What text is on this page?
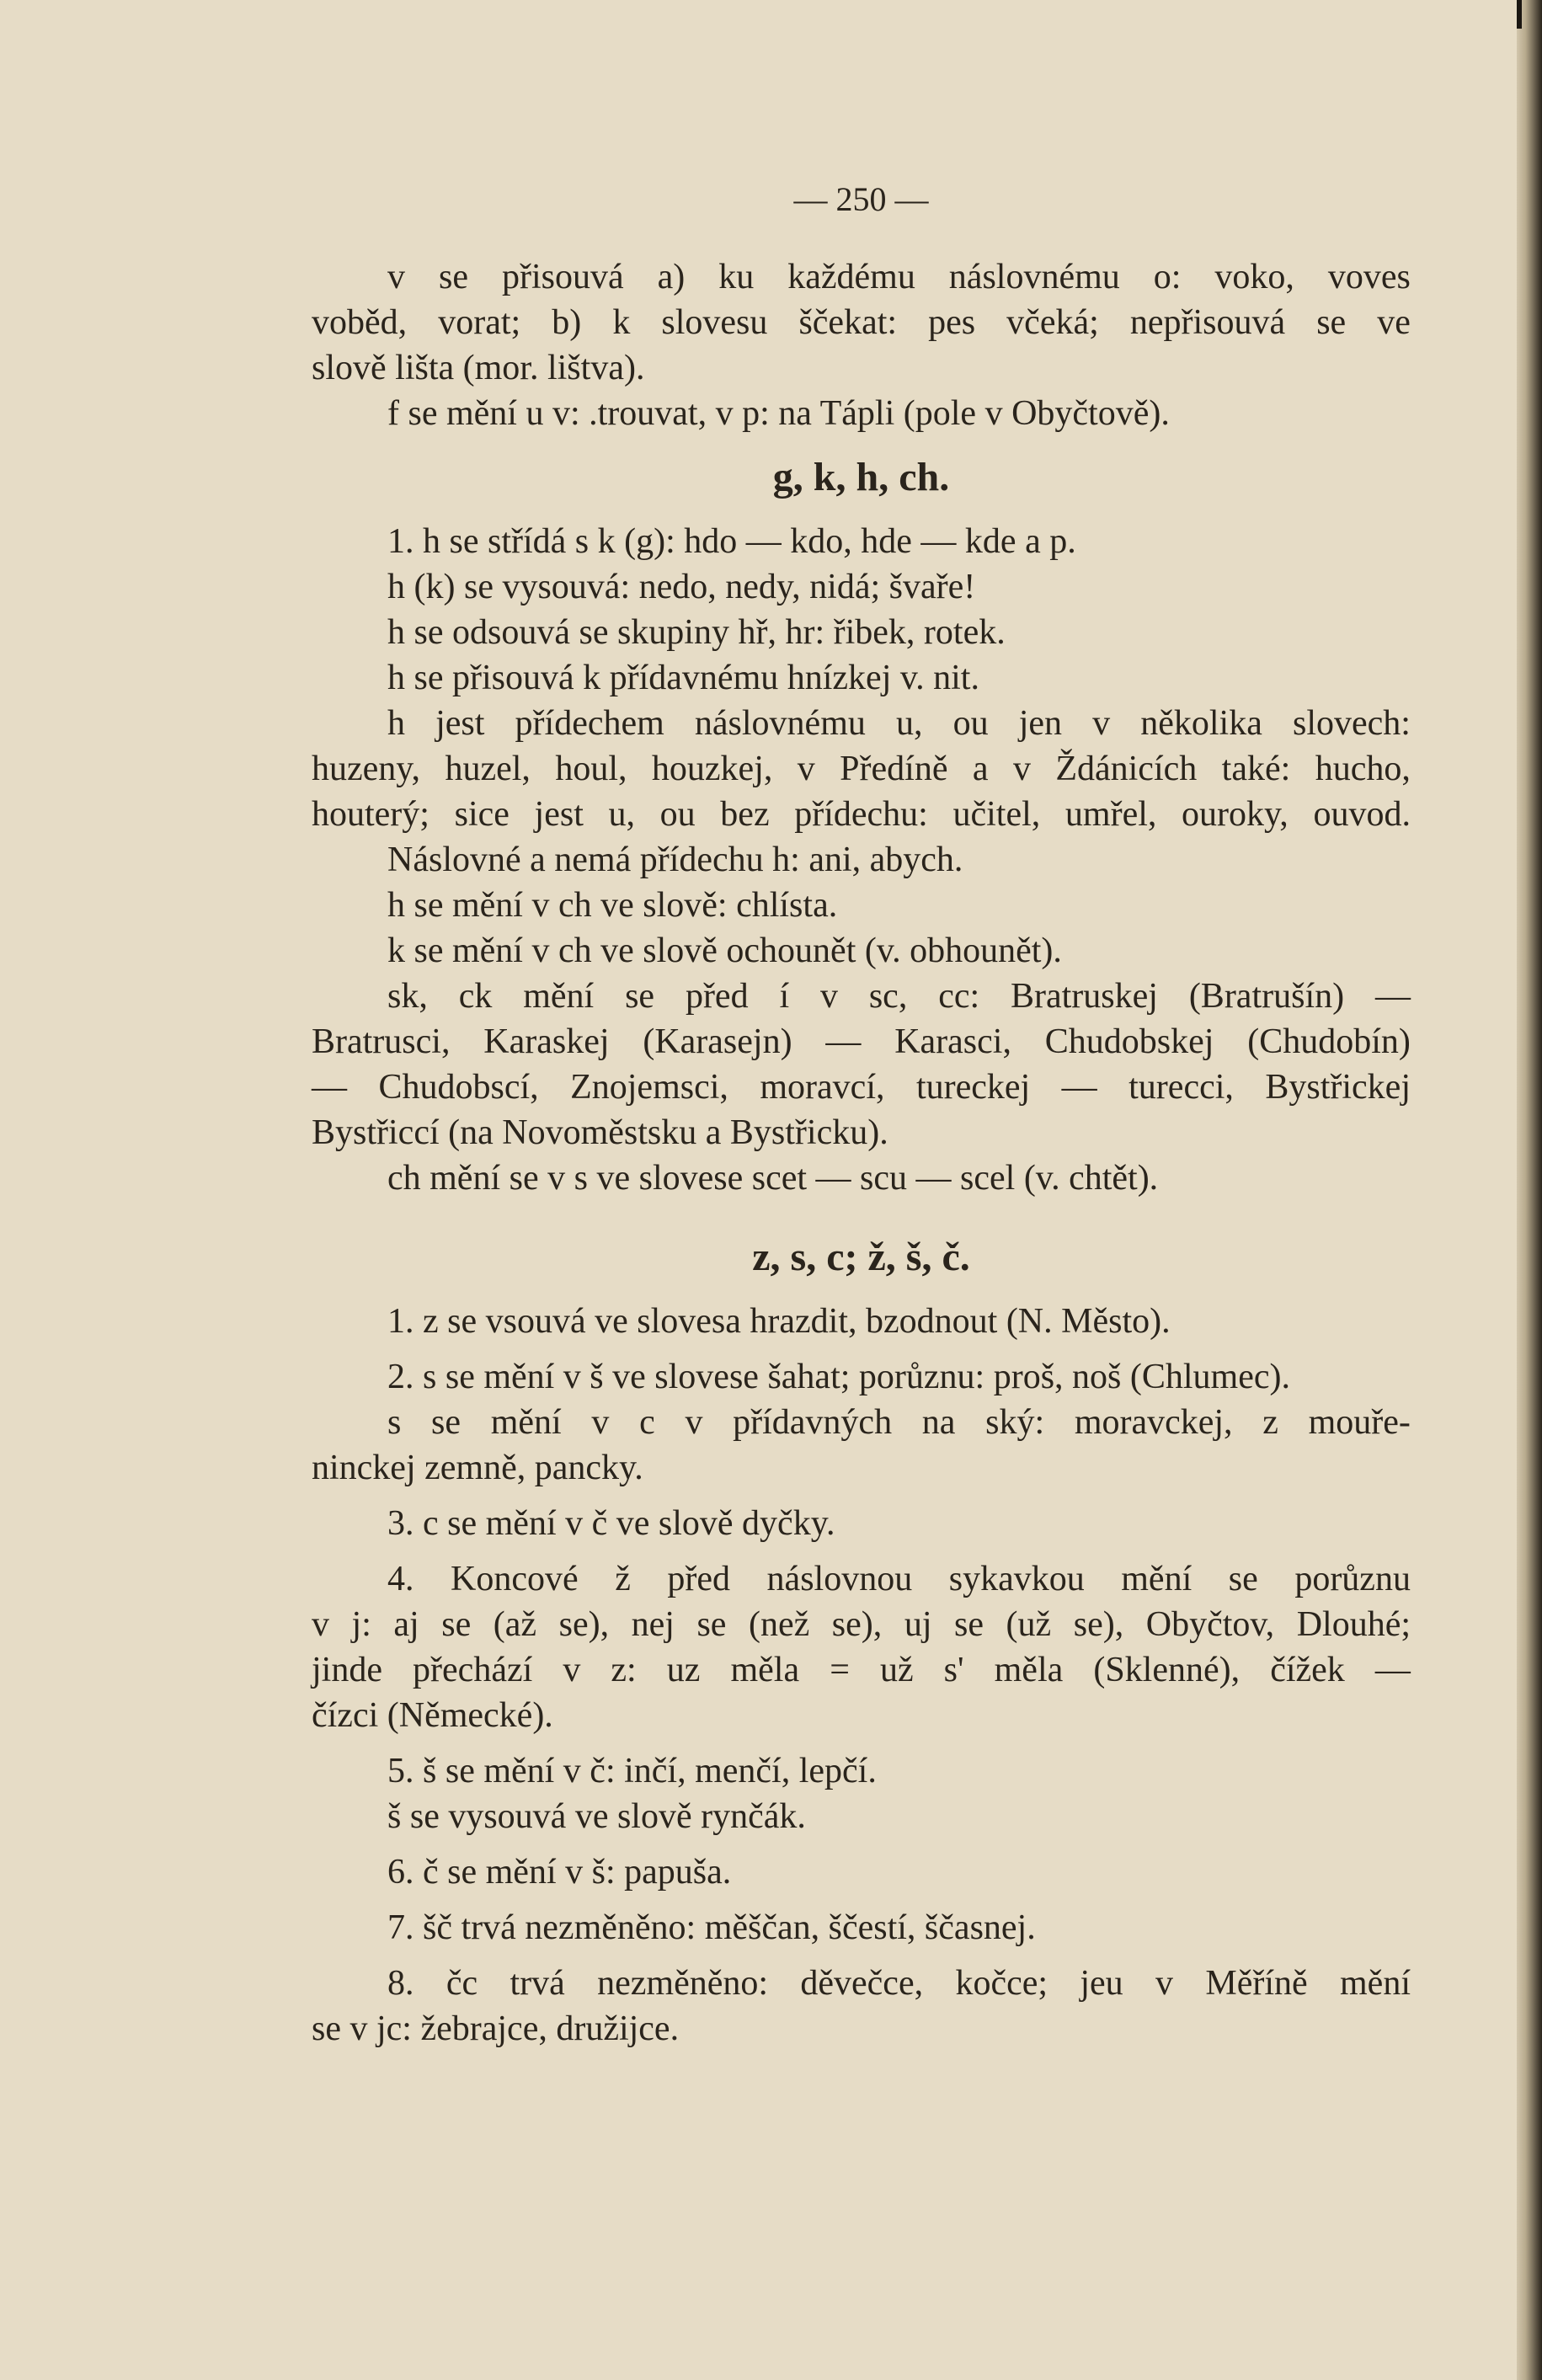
— 250 —
v se přisouvá a) ku každému náslovnému o: voko, voves
voběd, vorat; b) k slovesu ščekat: pes včeká; nepřisouvá se ve
slově lišta (mor. lištva).
f se mění u v: .trouvat, v p: na Tápli (pole v Obyčtově).
g, k, h, ch.
1. h se střídá s k (g): hdo — kdo, hde — kde a p.
h (k) se vysouvá: nedo, nedy, nidá; švaře!
h se odsouvá se skupiny hř, hr: řibek, rotek.
h se přisouvá k přídavnému hnízkej v. nit.
h jest přídechem náslovnému u, ou jen v několika slovech:
huzeny, huzel, houl, houzkej, v Předíně a v Ždánicích také: hucho,
houterý; sice jest u, ou bez přídechu: učitel, umřel, ouroky, ouvod.
Náslovné a nemá přídechu h: ani, abych.
h se mění v ch ve slově: chlísta.
k se mění v ch ve slově ochounět (v. obhounět).
sk, ck mění se před í v sc, cc: Bratruskej (Bratrušín) —
Bratrusci, Karaskej (Karasejn) — Karasci, Chudobskej (Chudobín)
— Chudobscí, Znojemsci, moravcí, tureckej — turecci, Bystřickej
Bystřiccí (na Novoměstsku a Bystřicku).
ch mění se v s ve slovese scet — scu — scel (v. chtět).
z, s, c; ž, š, č.
1. z se vsouvá ve slovesa hrazdit, bzodnout (N. Město).
2. s se mění v š ve slovese šahat; porůznu: proš, noš (Chlumec).
s se mění v c v přídavných na ský: moravckej, z mouře-
ninckej zemně, pancky.
3. c se mění v č ve slově dyčky.
4. Koncové ž před náslovnou sykavkou mění se porůznu
v j: aj se (až se), nej se (než se), uj se (už se), Obyčtov, Dlouhé;
jinde přechází v z: uz měla = už s' měla (Sklenné), čížek —
čízci (Německé).
5. š se mění v č: inčí, menčí, lepčí.
š se vysouvá ve slově rynčák.
6. č se mění v š: papuša.
7. šč trvá nezměněno: měščan, ščestí, ščasnej.
8. čc trvá nezměněno: děvečce, kočce; jeu v Měříně mění
se v jc: žebrajce, družijce.
